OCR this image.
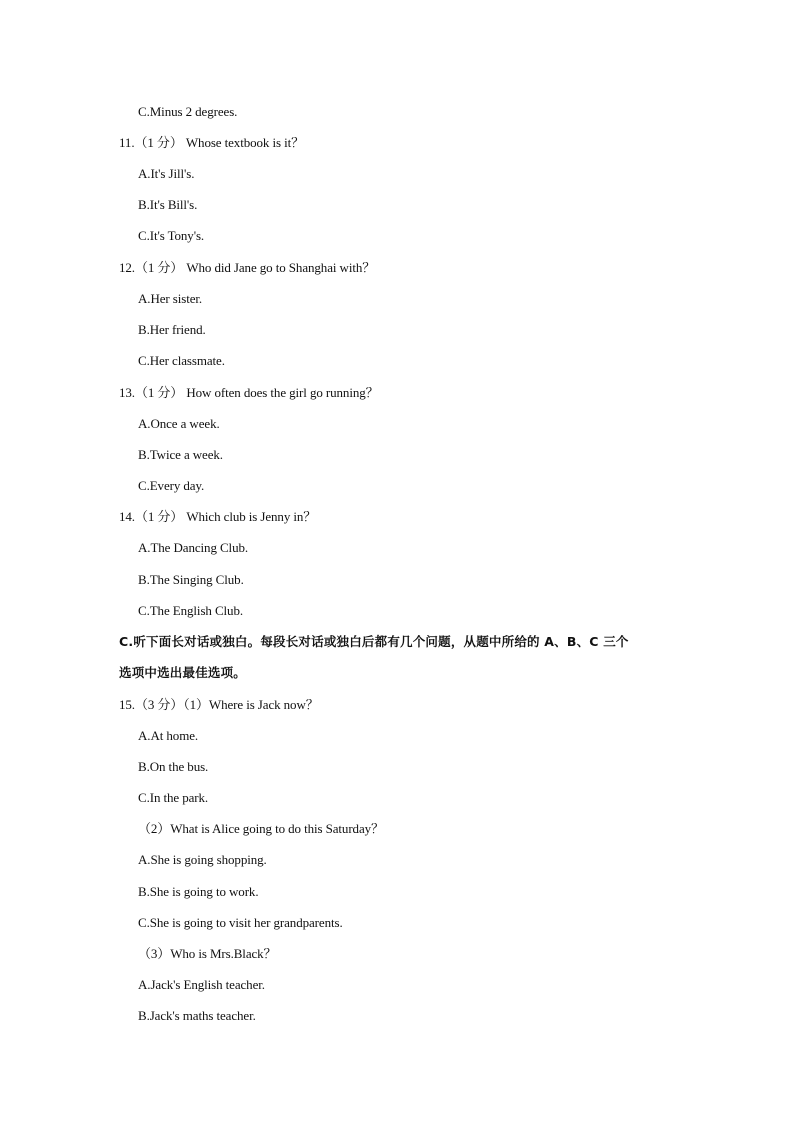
C.Minus 2 degrees.
11.（1 分） Whose textbook is it？
A.It's Jill's.
B.It's Bill's.
C.It's Tony's.
12.（1 分） Who did Jane go to Shanghai with？
A.Her sister.
B.Her friend.
C.Her classmate.
13.（1 分） How often does the girl go running？
A.Once a week.
B.Twice a week.
C.Every day.
14.（1 分） Which club is Jenny in？
A.The Dancing Club.
B.The Singing Club.
C.The English Club.
C.听下面长对话或独白。每段长对话或独白后都有几个问题，从题中所给的 A、B、C 三个
选项中选出最佳选项。
15.（3 分）（1）Where is Jack now？
A.At home.
B.On the bus.
C.In the park.
（2）What is Alice going to do this Saturday？
A.She is going shopping.
B.She is going to work.
C.She is going to visit her grandparents.
（3）Who is Mrs.Black？
A.Jack's English teacher.
B.Jack's maths teacher.
